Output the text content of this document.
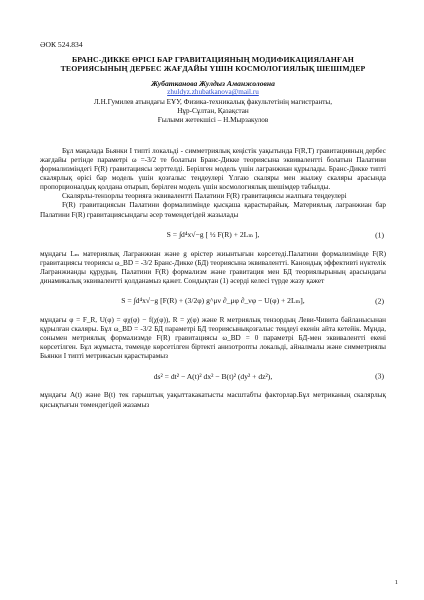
ӘОК 524.834

БРАНС-ДИККЕ ӨРІСІ БАР ГРАВИТАЦИЯНЫҢ МОДИФИКАЦИЯЛАНҒАН ТЕОРИЯСЫНЫҢ ДЕРБЕС ЖАҒДАЙЫ ҮШІН КОСМОЛОГИЯЛЫҚ ШЕШІМДЕР

Жубатканова Жулдыз Аманжоловна

zhuldyz.zhubatkanova@mail.ru

Л.Н.Гумилев атындағы ЕҰУ, Физика-техникалық факультетінің магистранты,

Нұр-Сұлтан, Қазақстан

Ғылыми жетекшісі – Н.Мырзакулов

Бұл мақалада Бьянки I типті локальді - симметриялық кеңістік уақытында F(R,T) гравитацияның дербес жағдайы ретінде параметрі ω =-3/2 те болатын Бранс-Дикке теориясына эквивалентті болатын Палатини формализміндегі F(R) гравитациясы зерттелді. Берілген модель үшін лагранжиан құрылады. Бранс-Дикке типті скалярлық өрісі бар модель үшін қозғалыс теңдеулері Үлгаю скаляры мен жылжу скаляры арасында пропорционалдық қолдана отырып, берілген модель үшін космологиялық шешімдер табылды.

Скалярлы-тензорлы теорияға эквивалентті Палатини F(R) гравитациясы жалпыға теңдеулері

F(R) гравитациясын Палатини формализмінде қысқаша қарастырайық. Материялық лагранжиан бар Палатини F(R) гравитациясындағы әсер төмендегідей жазылады

S = ∫d⁴x√−g [ ½ F(R) + 2Lₘ ],	(1)

мұндағы Lₘ материялық Лагранжиан және g өрістер жиынтығын көрсетеді.Палатини формализміндe F(R) гравитациясы теориясы ω_BD = -3/2 Бранс-Дикке (БД) теориясына эквивалентті. Канондық эффективті нүктелік Лагранжианды құрудың, Палатини F(R) формализм және гравитация мен БД теориялырының арасындағы динамикалық эквиваленттi қолданамыз қажет. Сондықтан (1) әсерді келесі түрде жазу қажет

S = ∫d⁴x√−g [F(R) + (3/2φ) g^μν ∂_μφ ∂_νφ − U(φ) + 2Lₘ],	(2)

мұндағы φ = F_R, U(φ) = φχ(φ) − f(χ(φ)), R = χ(φ) және R метриялық тензордың Леви-Чивита байланысынан құрылған скаляры. Бұл ω_BD = -3/2 БД параметрі БД теориясынықозғалыс теңдеуі екенін айта кетейік. Мұнда, сонымен метриялық формализмде F(R) гравитациясы ω_BD = 0 параметрі БД-мен эквивалентті екені көрсетілген. Бұл жұмыста, төменде көрсетілген біртекті анизотропты локальді, айналмалы және симметриялы Бьянки I типті метрикасын қарастырамыз

ds² = dt² − A(t)² dx² − B(t)² (dy² + dz²),	(3)

мұндағы A(t) және B(t) тек гарыштық уақыттакакатысты масштабты факторлар.Бұл метриканың скалярлық қисықтығын төмендегідей жазамыз

1
